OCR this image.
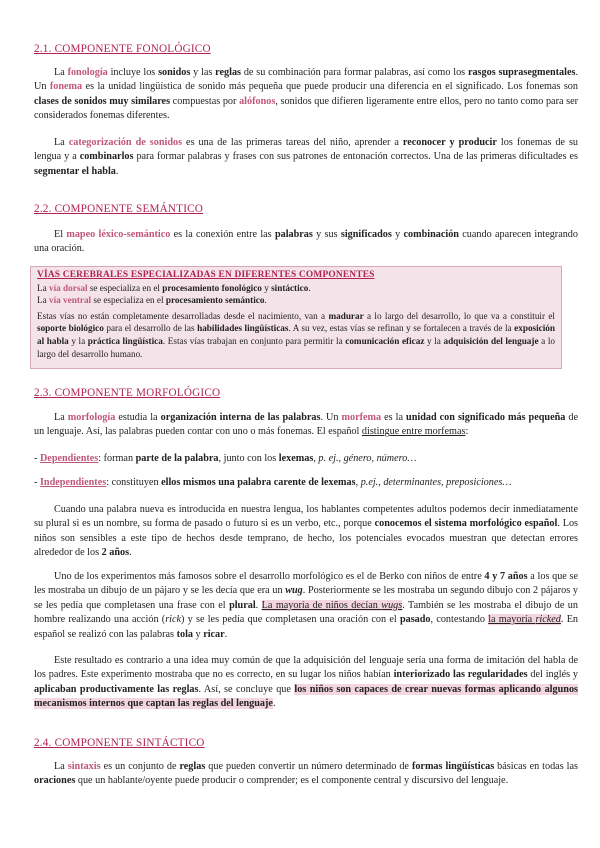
2.1. COMPONENTE FONOLÓGICO

La fonología incluye los sonidos y las reglas de su combinación para formar palabras, así como los rasgos suprasegmentales. Un fonema es la unidad lingüística de sonido más pequeña que puede producir una diferencia en el significado. Los fonemas son clases de sonidos muy similares compuestas por alófonos, sonidos que difieren ligeramente entre ellos, pero no tanto como para ser considerados fonemas diferentes.

La categorización de sonidos es una de las primeras tareas del niño, aprender a reconocer y producir los fonemas de su lengua y a combinarlos para formar palabras y frases con sus patrones de entonación correctos. Una de las primeras dificultades es segmentar el habla.

2.2. COMPONENTE SEMÁNTICO

El mapeo léxico-semántico es la conexión entre las palabras y sus significados y combinación cuando aparecen integrando una oración.

VÍAS CEREBRALES ESPECIALIZADAS EN DIFERENTES COMPONENTES

La vía dorsal se especializa en el procesamiento fonológico y sintáctico.

La vía ventral se especializa en el procesamiento semántico.

Estas vías no están completamente desarrolladas desde el nacimiento, van a madurar a lo largo del desarrollo, lo que va a constituir el soporte biológico para el desarrollo de las habilidades lingüísticas. A su vez, estas vías se refinan y se fortalecen a través de la exposición al habla y la práctica lingüística. Estas vías trabajan en conjunto para permitir la comunicación eficaz y la adquisición del lenguaje a lo largo del desarrollo humano.

2.3. COMPONENTE MORFOLÓGICO

La morfología estudia la organización interna de las palabras. Un morfema es la unidad con significado más pequeña de un lenguaje. Así, las palabras pueden contar con uno o más fonemas. El español distingue entre morfemas:

- Dependientes: forman parte de la palabra, junto con los lexemas, p. ej., género, número…

- Independientes: constituyen ellos mismos una palabra carente de lexemas, p.ej., determinantes, preposiciones…

Cuando una palabra nueva es introducida en nuestra lengua, los hablantes competentes adultos podemos decir inmediatamente su plural si es un nombre, su forma de pasado o futuro si es un verbo, etc., porque conocemos el sistema morfológico español. Los niños son sensibles a este tipo de hechos desde temprano, de hecho, los potenciales evocados muestran que detectan errores alrededor de los 2 años.

Uno de los experimentos más famosos sobre el desarrollo morfológico es el de Berko con niños de entre 4 y 7 años a los que se les mostraba un dibujo de un pájaro y se les decía que era un wug. Posteriormente se les mostraba un segundo dibujo con 2 pájaros y se les pedía que completasen una frase con el plural. La mayoría de niños decían wugs. También se les mostraba el dibujo de un hombre realizando una acción (rick) y se les pedía que completasen una oración con el pasado, contestando la mayoría ricked. En español se realizó con las palabras tola y ricar.

Este resultado es contrario a una idea muy común de que la adquisición del lenguaje sería una forma de imitación del habla de los padres. Este experimento mostraba que no es correcto, en su lugar los niños habían interiorizado las regularidades del inglés y aplicaban productivamente las reglas. Así, se concluye que los niños son capaces de crear nuevas formas aplicando algunos mecanismos internos que captan las reglas del lenguaje.

2.4. COMPONENTE SINTÁCTICO

La sintaxis es un conjunto de reglas que pueden convertir un número determinado de formas lingüísticas básicas en todas las oraciones que un hablante/oyente puede producir o comprender; es el componente central y discursivo del lenguaje.
